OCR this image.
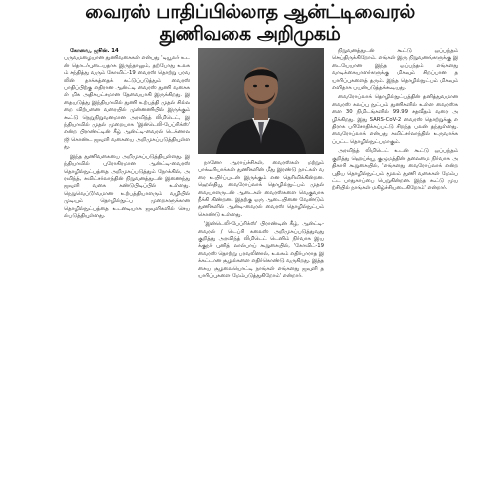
வைரஸ் பாதிப்பில்லாத ஆன்ட்டிவைரல்
துணிவகை அறிமுகம்

கோவை, ஜூன். 14
பருவமழையான துணிவகைகள் என்பது 'டியூலர் உடன் தொடர்புடையதாக இருந்தாலும், தற்போது உலகம் சந்தித்து வரும் கோவிட்-19 வைரஸ் தொற்று பரவலின் தாக்கத்தைக் கட்டுப்படுத்தும் வைரஸ் பாதிப்பிற்கு எதிரான ஆன்ட்டி வைரஸ் துணி வகைகள் மிக அதிகபட்சமான தேவையாகி இருக்கிறது. இதையடுத்து இந்தியாவில் துணி உற்பத்தி முதல் சில்லறை விற்பனை வரையில் முன்னணியில் இருக்கும் கூட்டு நெறுநிறுவனமான அரவிந்த் லிமிடெட், இந்தியாவில் முதல் முறையாக 'இன்டெலி-பேப்ரிக்ஸ்' என்ற பிராண்ட்டின் கீழ் ஆன்ட்டி-வைரல் டெக்னாலஜி கொண்ட ஜவுளி வகையை அறிமுகப்படுத்தியுள்ளது.

இந்த துணிவகையை அறிமுகப்படுத்தியுள்ளது. இந்தியாவில் புரோகிரமான ஆன்ட்டி-வைரஸ் தொழில்நுட்பத்தை அறிமுகப்படுத்தும் நோக்கில், அரவிந்த், சுவிட்சர்லாந்தின் நிறுவனத்துடன் இணைந்து ஜவுளி வகை கண்டுபிடிப்பில் உள்ளது. நெறுவெப்டூர்வமான உற்பத்தியாளரும் வழியில் முடியும் தொழில்நுட்ப முறைகளுக்கான தொழில்நுட்பத்தை உடனடியாக ஜவுளிகளில் செயல்படுத்தியுள்ளது.

நானோ ஆராய்ச்சிகள், வைரஸ்கள் மற்றும் பாக்டீரியாக்கள் துணிகளின் மீது இரண்டு நாட்கள் வரை உயிர்ப்புடன் இருக்கும் என தெரிவிக்கின்றன. ஹெல்தியூ வைரோப்லாக் தொழில்நுட்பம் முதல் வையாளருடன் ஆடைகள் வைரஸ்களை வெகுவாக நீக்கி கிண்றன. இதற்கு ஒரு ஆடையினை வேண்டும் துணிகளில் ஆன்டி-வைரல் வைரஸ் தொழில்நுட்பம் கொண்டு உள்ளது.

'இன்டெலி-பேப்ரிக்ஸ்' பிராண்டின் கீழ், ஆன்ட்டி-வைரல் / டெப்ரி கலைஸ் அறிமுகப்படுத்துவது குறித்து அரவிந்த் லிமிடெட் டெனிம் நிர்வாக இயக்குநர் புனித் லால்பாய் கூறுகையில், 'கோவிட்-19 வைரஸ் தொற்று பரவலினால், உலகம் எதிர்பாராத இக்கட்டான சூழல்களை எதிர்கொண்டு வருகிறது. இத்தகைய சூழலையொட்டி நாங்கள் எங்களது ஜவுளி தயாரிப்புகளை மேம்படுத்துகிறோம்' என்றார்.

நிறுவனத்துடன் கூட்டு ஒப்பந்தம் செய்திருக்கிறோம். எங்கள் இரு நிறுவனங்களுக்கு இடையேயான இந்த ஒப்பந்தம் எங்களது வாடிக்கையாளர்களுக்கு மிகவும் சிறப்பான தயாரிப்புகளைத் தரும். இந்த தொழில்நுட்பம் மிகவும் எளிதாக பயன்படுத்தக்கூடியது.

வைரோப்லாக் தொழில்நுட்பத்தின் தனித்துவமான வைரஸ் கலப்பு நுட்பம் துணிகளில் உள்ள வைரஸ்களை 30 நிமிடங்களில் 99.99 சதவீதம் வரை அழிக்கிறது. இது SARS-CoV-2 வைரஸ் தொற்றுக்கு எதிராக பரிசோதிக்கப்பட்டு சிறந்த பலன் தந்துள்ளது. வைரோப்லாக் என்பது சுவிட்சர்லாந்தில் உருவாக்கப்பட்ட தொழில்நுட்பமாகும்.

அரவிந்த் லிமிடெட் உடன் கூட்டு ஒப்பந்தம் குறித்து ஹெய்க்யூ குழுமத்தின் தலைமை நிர்வாக அதிகாரி கூறுகையில், 'எங்களது வைரோப்லாக் என்ற புதிய தொழில்நுட்பம் மூலம் துணி வகைகள் மேம்பட்ட பாதுகாப்பை பெறுகின்றன. இந்த கூட்டு முயற்சியில் நாங்கள் மகிழ்ச்சியடைகிறோம்' என்றார்.
